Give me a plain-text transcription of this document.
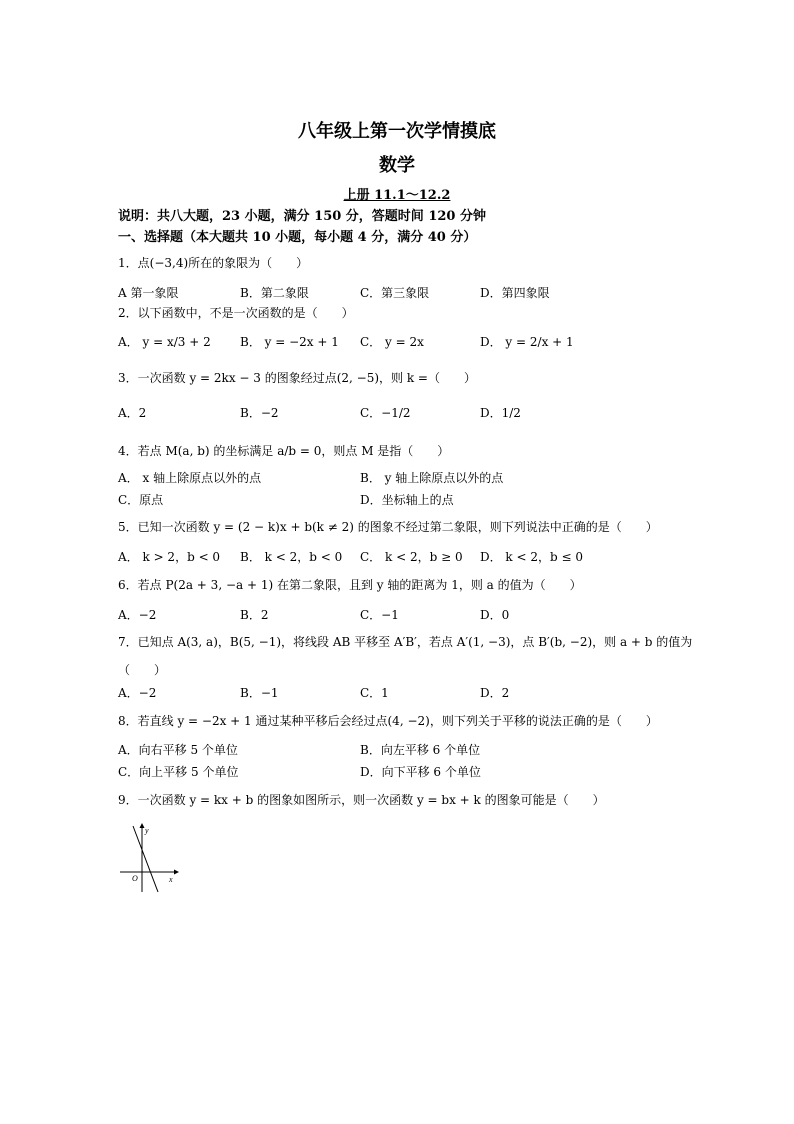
八年级上第一次学情摸底
数学
上册 11.1～12.2
说明：共八大题，23 小题，满分 150 分，答题时间 120 分钟
一、选择题（本大题共 10 小题，每小题 4 分，满分 40 分）
1．点(−3,4)所在的象限为（　　）
A 第一象限	B．第二象限	C．第三象限	D．第四象限
2．以下函数中，不是一次函数的是（　　）
A． y = x/3 + 2 B． y = −2x + 1 C． y = 2x	D． y = 2/x + 1
3．一次函数 y = 2kx − 3 的图象经过点(2, −5)，则 k =（　　）
A．2	B．−2	C．−1/2	D．1/2
4．若点 M(a, b) 的坐标满足 a/b = 0，则点 M 是指（　　）
A． x 轴上除原点以外的点	B． y 轴上除原点以外的点
C．原点	D．坐标轴上的点
5．已知一次函数 y = (2 − k)x + b(k ≠ 2) 的图象不经过第二象限，则下列说法中正确的是（　　）
A． k > 2，b < 0 B． k < 2，b < 0 C． k < 2，b ≥ 0 D． k < 2，b ≤ 0
6．若点 P(2a + 3, −a + 1) 在第二象限，且到 y 轴的距离为 1，则 a 的值为（　　）
A．−2	B．2	C．−1	D．0
7．已知点 A(3, a)，B(5, −1)，将线段 AB 平移至 A′B′，若点 A′(1, −3)，点 B′(b, −2)，则 a + b 的值为
（　　）
A．−2	B．−1	C．1	D．2
8．若直线 y = −2x + 1 通过某种平移后会经过点(4, −2)，则下列关于平移的说法正确的是（　　）
A．向右平移 5 个单位	B．向左平移 6 个单位
C．向上平移 5 个单位	D．向下平移 6 个单位
9．一次函数 y = kx + b 的图象如图所示，则一次函数 y = bx + k 的图象可能是（　　）
y
x
O
